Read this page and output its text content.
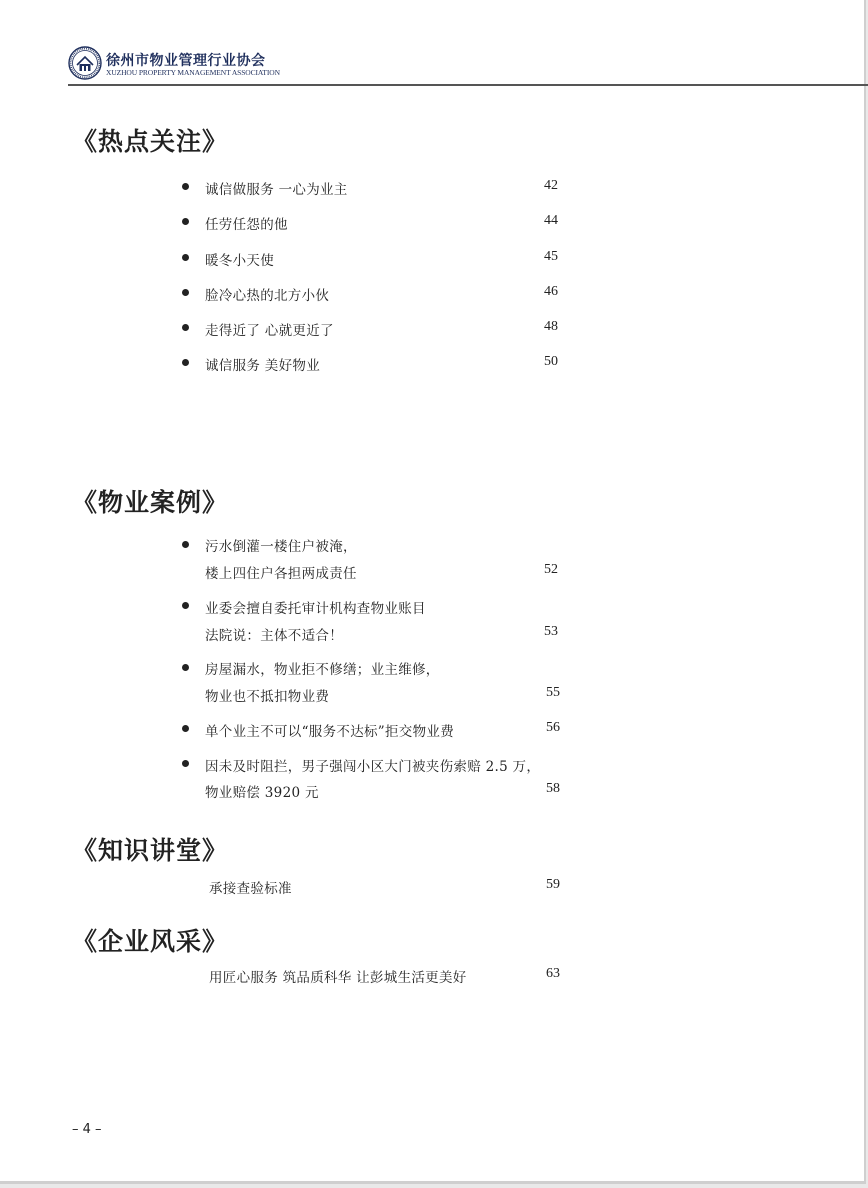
徐州市物业管理行业协会
XUZHOU PROPERTY MANAGEMENT ASSOCIATION
《热点关注》
诚信做服务 一心为业主	42
任劳任怨的他	44
暖冬小天使	45
脸冷心热的北方小伙	46
走得近了 心就更近了	48
诚信服务 美好物业	50
《物业案例》
污水倒灌一楼住户被淹，
楼上四住户各担两成责任	52
业委会擅自委托审计机构查物业账目
法院说：主体不适合！	53
房屋漏水，物业拒不修缮；业主维修，
物业也不抵扣物业费	55
单个业主不可以“服务不达标”拒交物业费	56
因未及时阻拦，男子强闯小区大门被夹伤索赔 2.5 万，
物业赔偿 3920 元	58
《知识讲堂》
承接查验标准	59
《企业风采》
用匠心服务 筑品质科华 让彭城生活更美好	63
– 4 –
